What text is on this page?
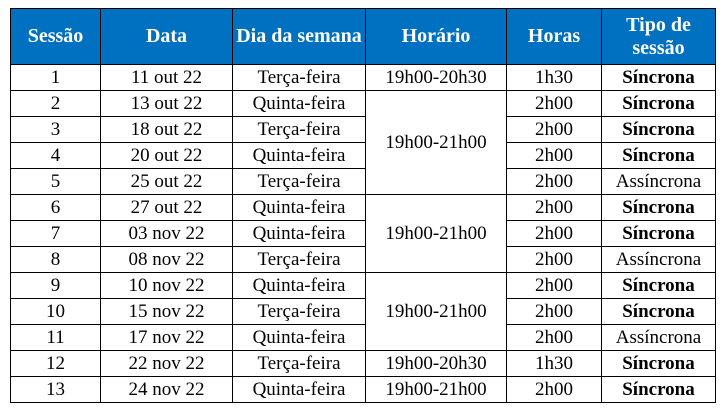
Sessão	Data	Dia da semana	Horário	Horas	Tipo de sessão
1	11 out 22	Terça-feira	19h00-20h30	1h30	Síncrona
2	13 out 22	Quinta-feira	19h00-21h00	2h00	Síncrona
3	18 out 22	Terça-feira		2h00	Síncrona
4	20 out 22	Quinta-feira		2h00	Síncrona
5	25 out 22	Terça-feira		2h00	Assíncrona
6	27 out 22	Quinta-feira	19h00-21h00	2h00	Síncrona
7	03 nov 22	Quinta-feira		2h00	Síncrona
8	08 nov 22	Terça-feira		2h00	Assíncrona
9	10 nov 22	Quinta-feira	19h00-21h00	2h00	Síncrona
10	15 nov 22	Terça-feira		2h00	Síncrona
11	17 nov 22	Quinta-feira		2h00	Assíncrona
12	22 nov 22	Terça-feira	19h00-20h30	1h30	Síncrona
13	24 nov 22	Quinta-feira	19h00-21h00	2h00	Síncrona
